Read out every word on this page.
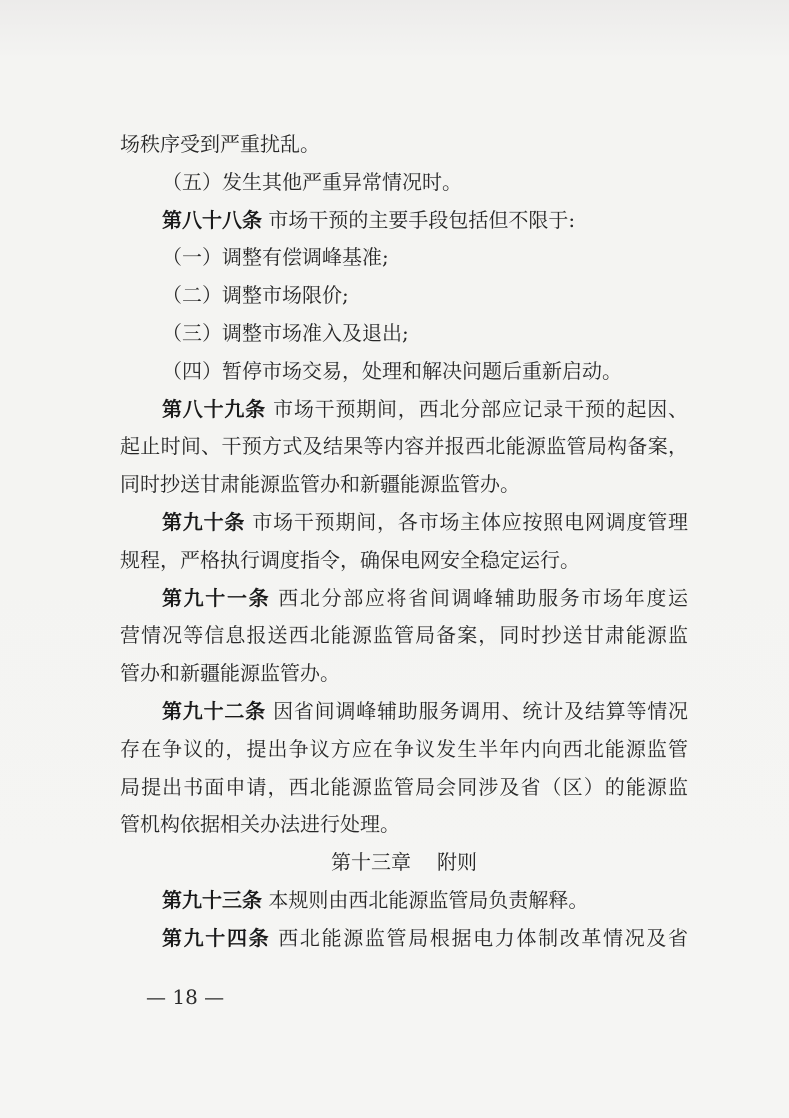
场秩序受到严重扰乱。
（五）发生其他严重异常情况时。
第八十八条 市场干预的主要手段包括但不限于:
（一）调整有偿调峰基准;
（二）调整市场限价;
（三）调整市场准入及退出;
（四）暂停市场交易，处理和解决问题后重新启动。
第八十九条 市场干预期间，西北分部应记录干预的起因、
起止时间、干预方式及结果等内容并报西北能源监管局构备案，
同时抄送甘肃能源监管办和新疆能源监管办。
第九十条 市场干预期间，各市场主体应按照电网调度管理
规程，严格执行调度指令，确保电网安全稳定运行。
第九十一条 西北分部应将省间调峰辅助服务市场年度运
营情况等信息报送西北能源监管局备案，同时抄送甘肃能源监
管办和新疆能源监管办。
第九十二条 因省间调峰辅助服务调用、统计及结算等情况
存在争议的，提出争议方应在争议发生半年内向西北能源监管
局提出书面申请，西北能源监管局会同涉及省（区）的能源监
管机构依据相关办法进行处理。
第十三章 附则
第九十三条 本规则由西北能源监管局负责解释。
第九十四条 西北能源监管局根据电力体制改革情况及省
— 18 —
